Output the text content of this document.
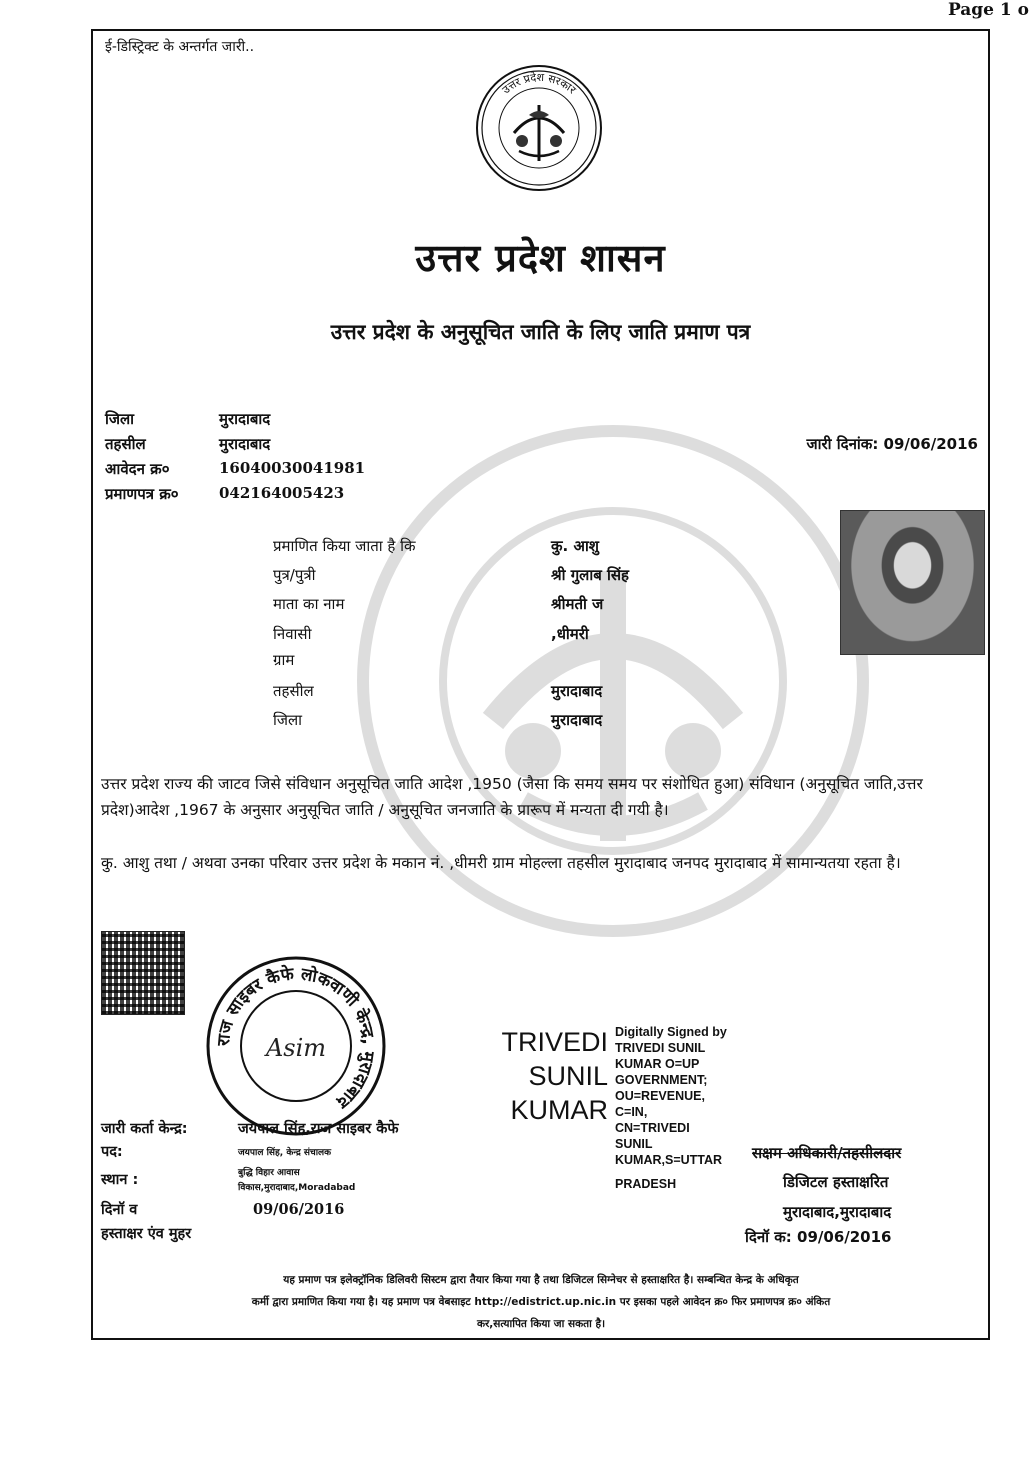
Page 1 o
ई-डिस्ट्रिक्ट के अन्तर्गत जारी..
उत्तर प्रदेश सरकार
उत्तर प्रदेश शासन
उत्तर प्रदेश के अनुसूचित जाति के लिए जाति प्रमाण पत्र
जिला	मुरादाबाद
तहसील	मुरादाबाद
आवेदन क्र०	16040030041981
प्रमाणपत्र क्र०	042164005423
जारी दिनांक: 09/06/2016
प्रमाणित किया जाता है कि	कु. आशु
पुत्र/पुत्री	श्री गुलाब सिंह
माता का नाम	श्रीमती ज
निवासी	,धीमरी
ग्राम
तहसील	मुरादाबाद
जिला	मुरादाबाद
उत्तर प्रदेश राज्य की जाटव जिसे संविधान अनुसूचित जाति आदेश ,1950 (जैसा कि समय समय पर संशोधित हुआ) संविधान (अनुसूचित जाति,उत्तर प्रदेश)आदेश ,1967 के अनुसार अनुसूचित जाति / अनुसूचित जनजाति के प्रारूप में मन्यता दी गयी है।
कु. आशु तथा / अथवा उनका परिवार उत्तर प्रदेश के मकान नं. ,धीमरी ग्राम मोहल्ला तहसील मुरादाबाद जनपद मुरादाबाद में सामान्यतया रहता है।
राज साइबर कैफे लोकवाणी केन्द्र, मुरादाबाद
Asim	TRIVEDI
SUNIL
KUMAR
Digitally Signed by
TRIVEDI SUNIL
KUMAR O=UP
GOVERNMENT;
OU=REVENUE,
C=IN,
CN=TRIVEDI
SUNIL
KUMAR,S=UTTAR
PRADESH
जारी कर्ता केन्द्र:	जयपाल सिंह,राज साइबर कैफे
पद:	जयपाल सिंह, केन्द्र संचालक
स्थान :	बुद्धि विहार आवास
विकास,मुरादाबाद,Moradabad
दिनॉ व	09/06/2016
हस्ताक्षर एंव मुहर
सक्षम अधिकारी/तहसीलदार
डिजिटल हस्ताक्षरित
मुरादाबाद,मुरादाबाद
दिनॉ क: 09/06/2016
यह प्रमाण पत्र इलेक्ट्रॉनिक डिलिवरी सिस्टम द्वारा तैयार किया गया है तथा डिजिटल सिग्नेचर से हस्ताक्षरित है। सम्बन्धित केन्द्र के अधिकृत
कर्मी द्वारा प्रमाणित किया गया है। यह प्रमाण पत्र वेबसाइट http://edistrict.up.nic.in पर इसका पहले आवेदन क्र० फिर प्रमाणपत्र क्र० अंकित
कर,सत्यापित किया जा सकता है।
